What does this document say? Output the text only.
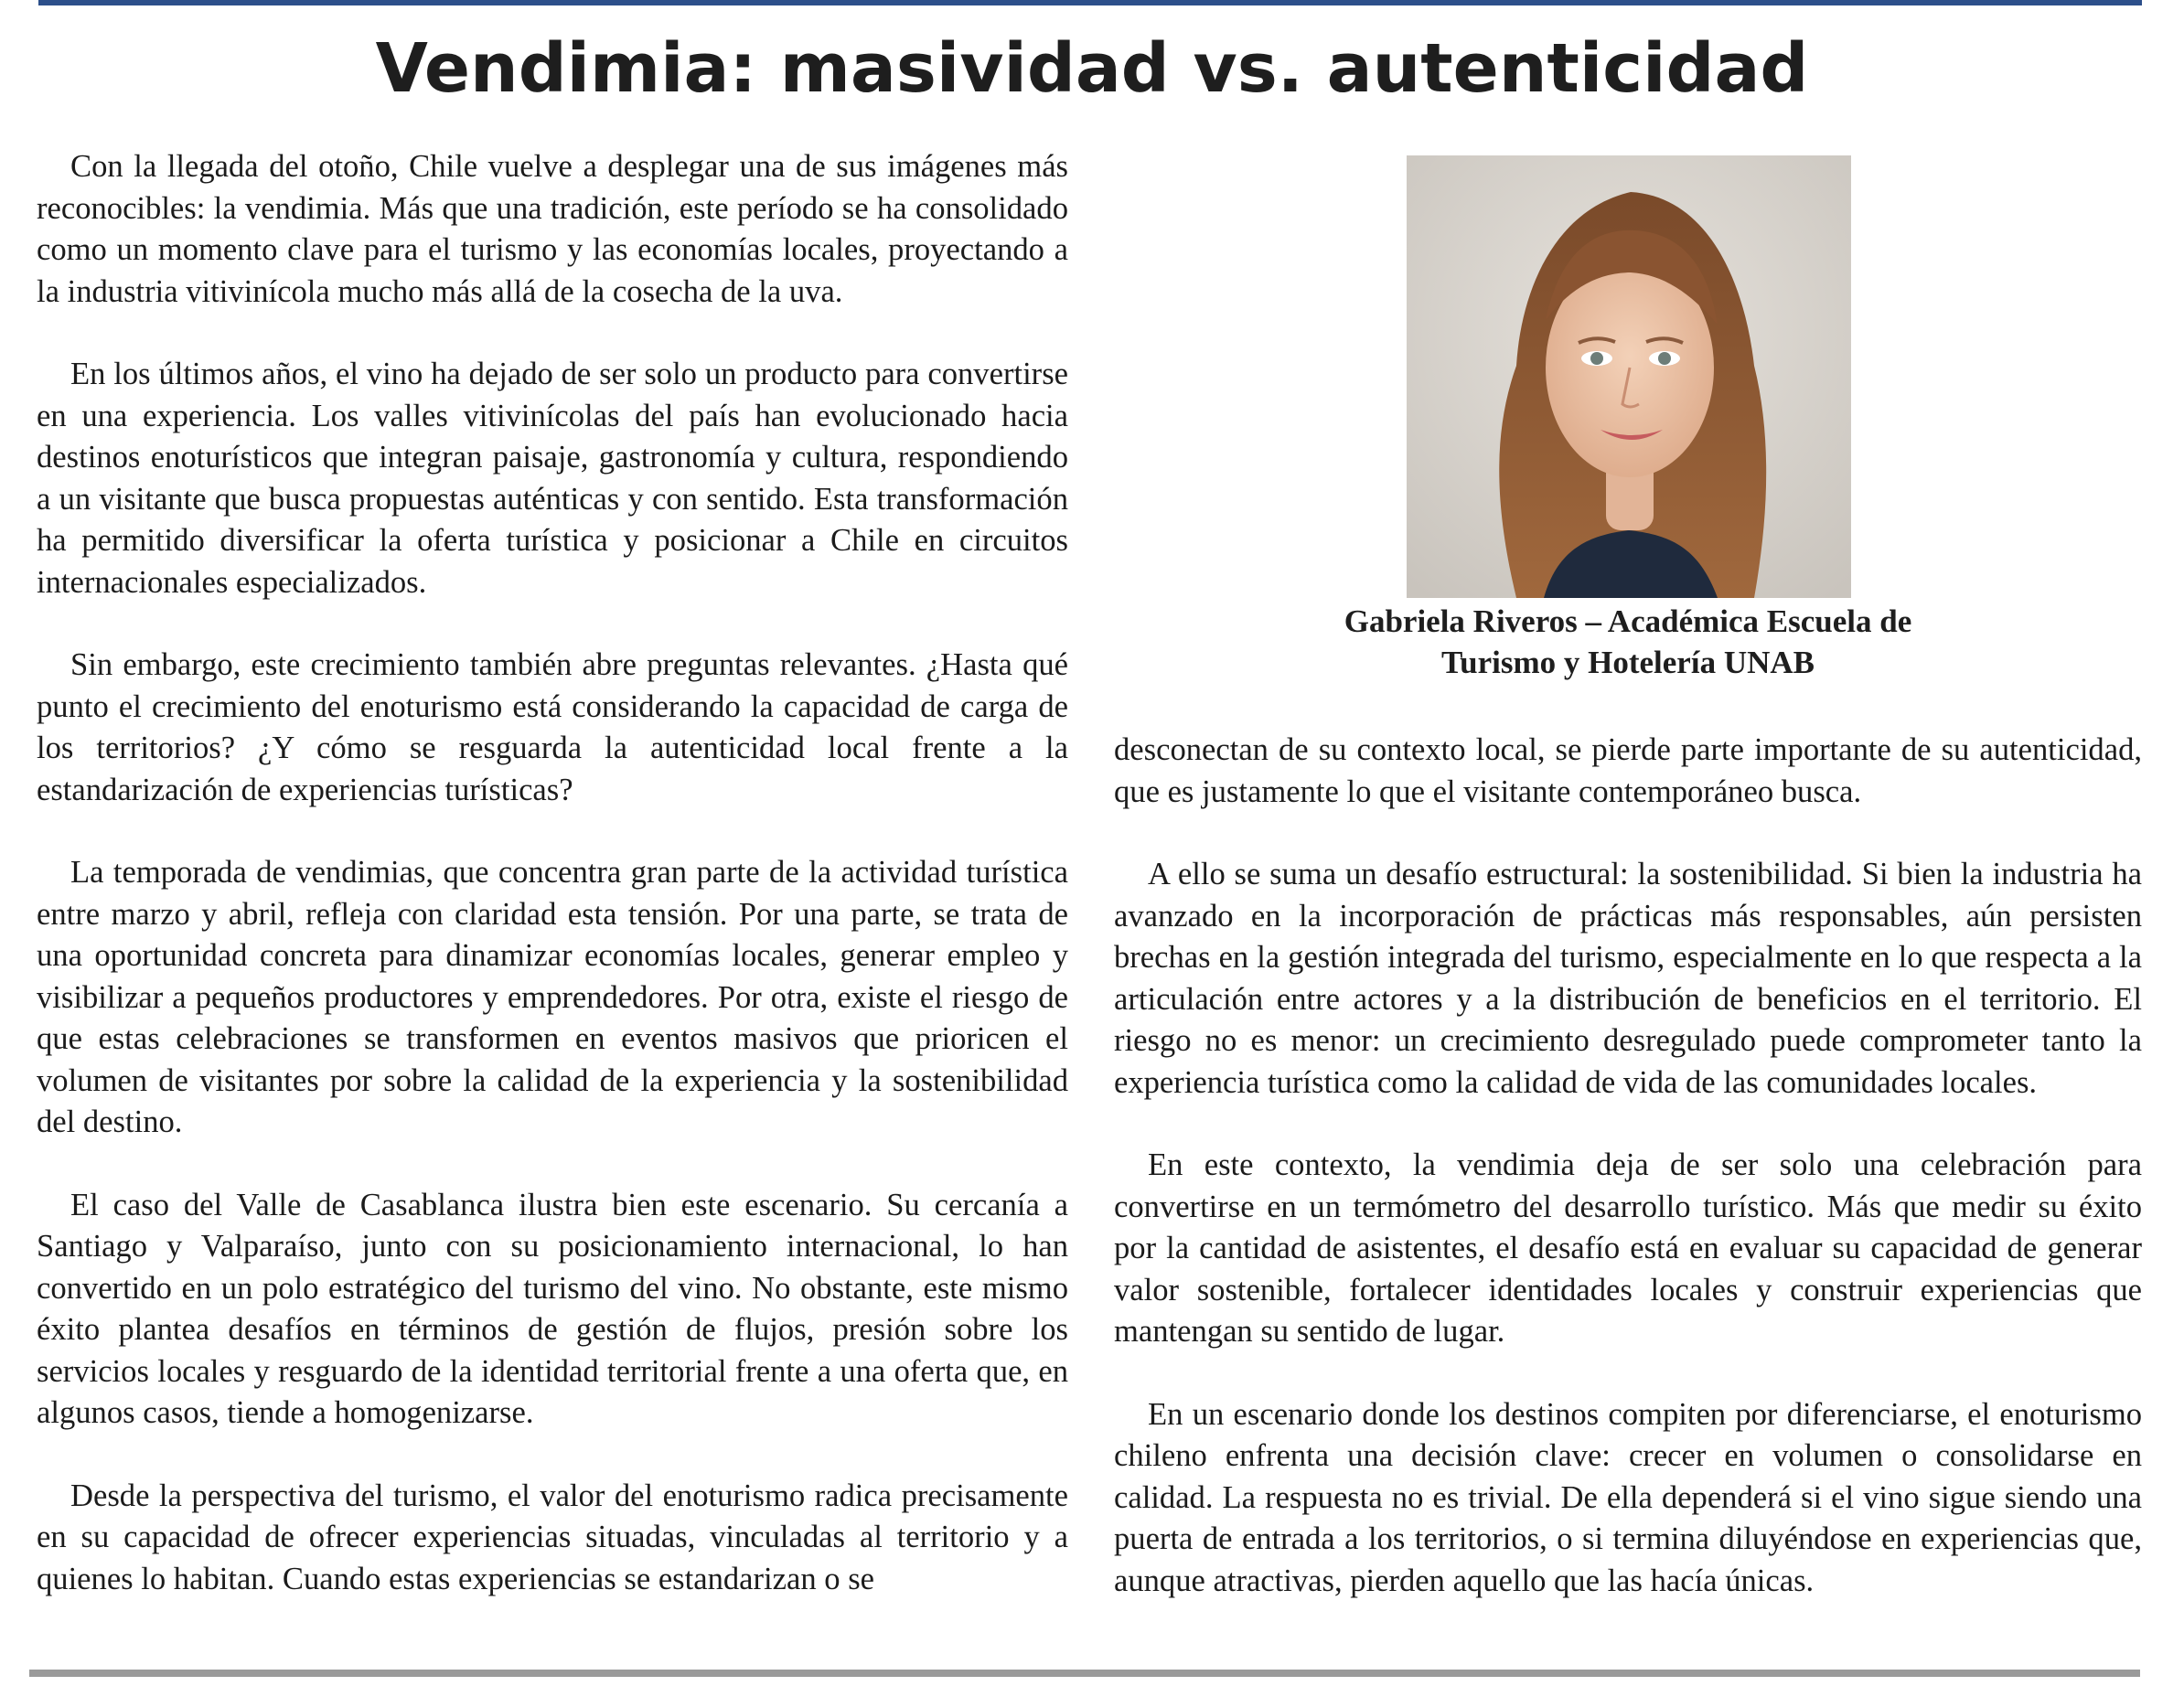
Vendimia: masividad vs. autenticidad

Con la llegada del otoño, Chile vuelve a desplegar una de sus imágenes más reconocibles: la vendimia. Más que una tradición, este período se ha consolidado como un momento clave para el turismo y las economías locales, proyectando a la industria vitivinícola mucho más allá de la cosecha de la uva.

En los últimos años, el vino ha dejado de ser solo un producto para convertirse en una experiencia. Los valles vitivinícolas del país han evolucionado hacia destinos enoturísticos que integran paisaje, gastronomía y cultura, respondiendo a un visitante que busca propuestas auténticas y con sentido. Esta transformación ha permitido diversificar la oferta turística y posicionar a Chile en circuitos internacionales especializados.

Sin embargo, este crecimiento también abre preguntas relevantes. ¿Hasta qué punto el crecimiento del enoturismo está considerando la capacidad de carga de los territorios? ¿Y cómo se resguarda la autenticidad local frente a la estandarización de experiencias turísticas?

La temporada de vendimias, que concentra gran parte de la actividad turística entre marzo y abril, refleja con claridad esta tensión. Por una parte, se trata de una oportunidad concreta para dinamizar economías locales, generar empleo y visibilizar a pequeños productores y emprendedores. Por otra, existe el riesgo de que estas celebraciones se transformen en eventos masivos que prioricen el volumen de visitantes por sobre la calidad de la experiencia y la sostenibilidad del destino.

El caso del Valle de Casablanca ilustra bien este escenario. Su cercanía a Santiago y Valparaíso, junto con su posicionamiento internacional, lo han convertido en un polo estratégico del turismo del vino. No obstante, este mismo éxito plantea desafíos en términos de gestión de flujos, presión sobre los servicios locales y resguardo de la identidad territorial frente a una oferta que, en algunos casos, tiende a homogenizarse.

Desde la perspectiva del turismo, el valor del enoturismo radica precisamente en su capacidad de ofrecer experiencias situadas, vinculadas al territorio y a quienes lo habitan. Cuando estas experiencias se estandarizan o se

Gabriela Riveros – Académica Escuela de
Turismo y Hotelería UNAB

desconectan de su contexto local, se pierde parte importante de su autenticidad, que es justamente lo que el visitante contemporáneo busca.

A ello se suma un desafío estructural: la sostenibilidad. Si bien la industria ha avanzado en la incorporación de prácticas más responsables, aún persisten brechas en la gestión integrada del turismo, especialmente en lo que respecta a la articulación entre actores y a la distribución de beneficios en el territorio. El riesgo no es menor: un crecimiento desregulado puede comprometer tanto la experiencia turística como la calidad de vida de las comunidades locales.

En este contexto, la vendimia deja de ser solo una celebración para convertirse en un termómetro del desarrollo turístico. Más que medir su éxito por la cantidad de asistentes, el desafío está en evaluar su capacidad de generar valor sostenible, fortalecer identidades locales y construir experiencias que mantengan su sentido de lugar.

En un escenario donde los destinos compiten por diferenciarse, el enoturismo chileno enfrenta una decisión clave: crecer en volumen o consolidarse en calidad. La respuesta no es trivial. De ella dependerá si el vino sigue siendo una puerta de entrada a los territorios, o si termina diluyéndose en experiencias que, aunque atractivas, pierden aquello que las hacía únicas.
